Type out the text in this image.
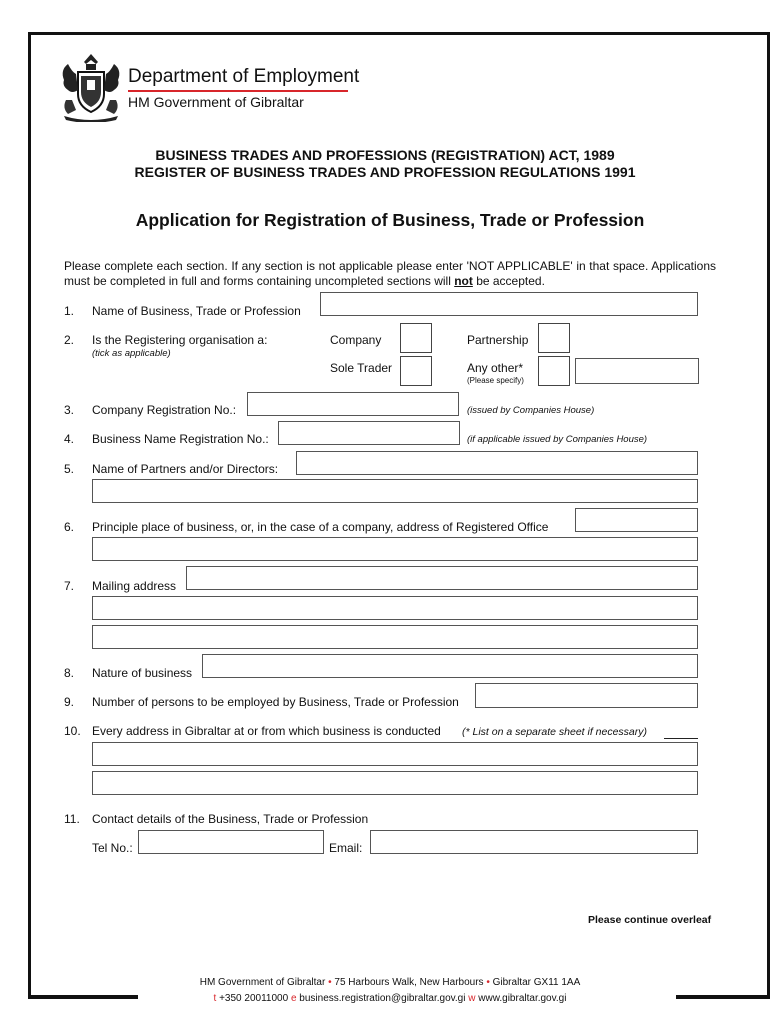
Department of Employment
HM Government of Gibraltar
BUSINESS TRADES AND PROFESSIONS (REGISTRATION) ACT, 1989
REGISTER OF BUSINESS TRADES AND PROFESSION REGULATIONS 1991
Application for Registration of Business, Trade or Profession
Please complete each section. If any section is not applicable please enter 'NOT APPLICABLE' in that space. Applications must be completed in full and forms containing uncompleted sections will not be accepted.
1. Name of Business, Trade or Profession
2. Is the Registering organisation a:
(tick as applicable)
Company	Partnership
Sole Trader	Any other*
(Please specify)
3. Company Registration No.:	(issued by Companies House)
4. Business Name Registration No.:	(if applicable issued by Companies House)
5. Name of Partners and/or Directors:
6. Principle place of business, or, in the case of a company, address of Registered Office
7. Mailing address
8. Nature of business
9. Number of persons to be employed by Business, Trade or Profession
10. Every address in Gibraltar at or from which business is conducted (* List on a separate sheet if necessary)
11. Contact details of the Business, Trade or Profession
Tel No.:	Email:
Please continue overleaf
HM Government of Gibraltar • 75 Harbours Walk, New Harbours • Gibraltar GX11 1AA
t +350 20011000 e business.registration@gibraltar.gov.gi w www.gibraltar.gov.gi
